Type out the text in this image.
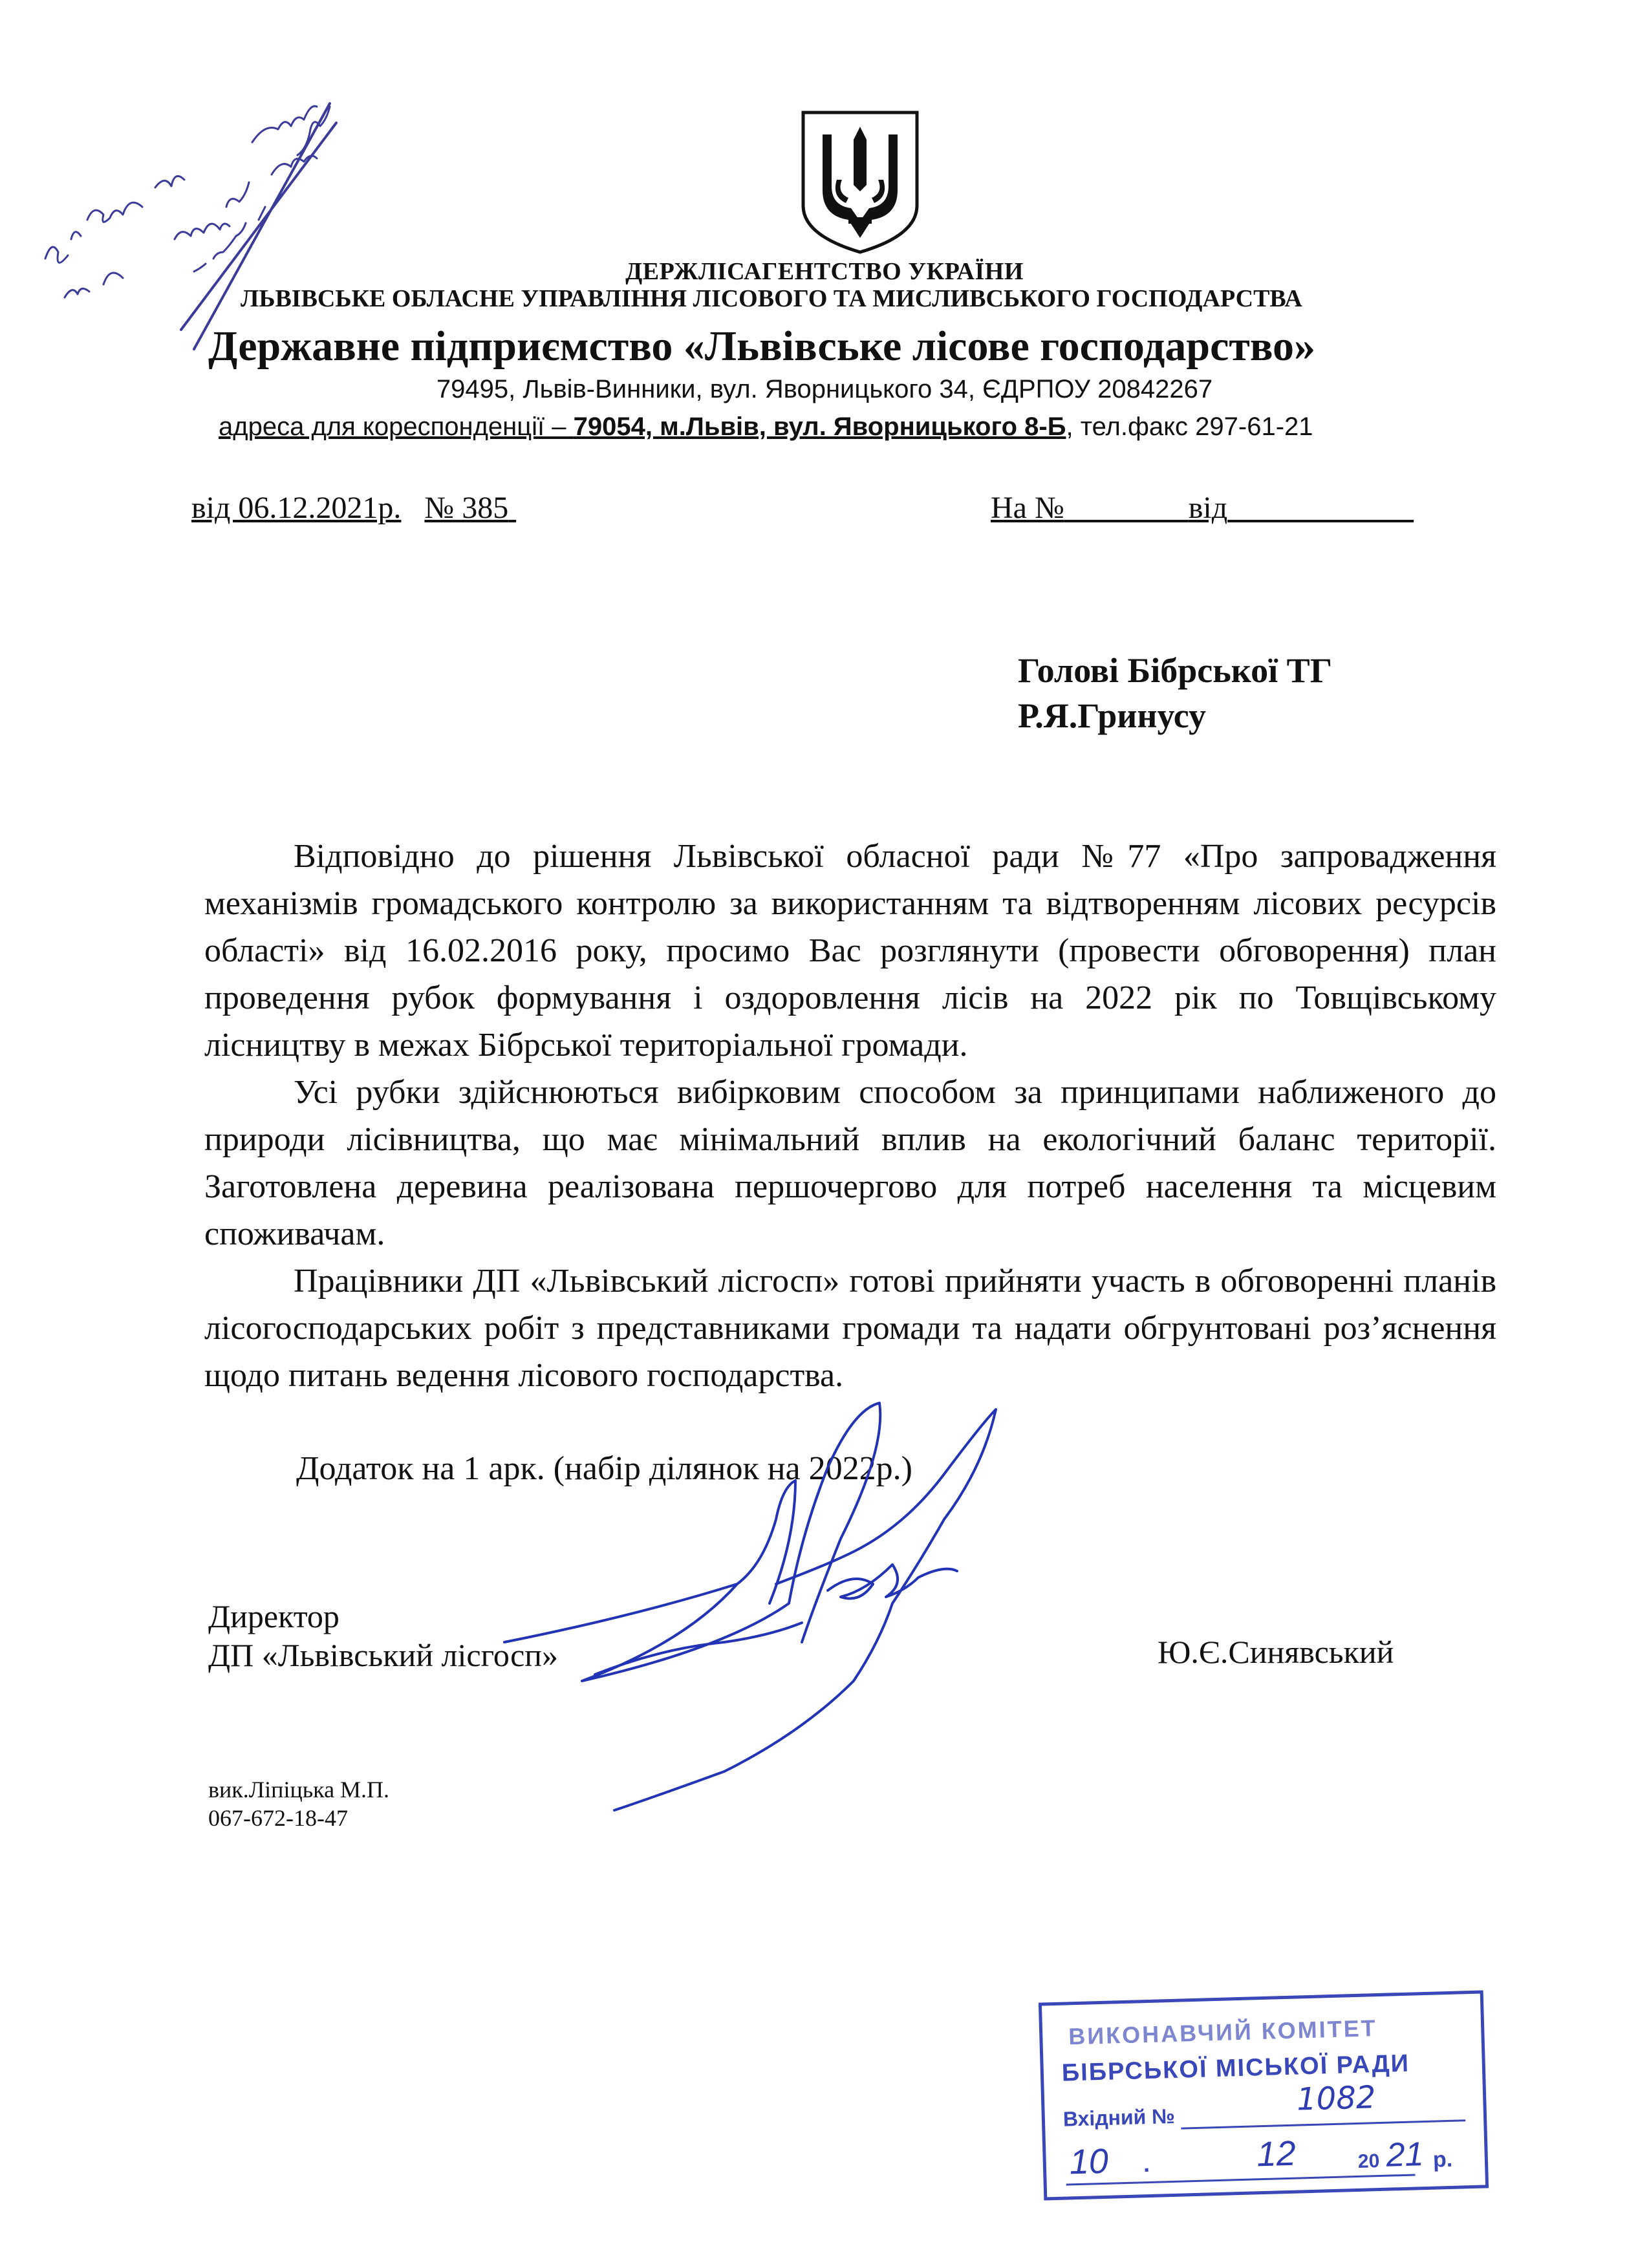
ДЕРЖЛІСАГЕНТСТВО УКРАЇНИ
ЛЬВІВСЬКЕ ОБЛАСНЕ УПРАВЛІННЯ ЛІСОВОГО ТА МИСЛИВСЬКОГО ГОСПОДАРСТВА
Державне підприємство «Львівське лісове господарство»
79495, Львів-Винники, вул. Яворницького 34, ЄДРПОУ 20842267
адреса для кореспонденції – 79054, м.Львів, вул. Яворницького 8-Б, тел.факс 297-61-21
від 06.12.2021р. № 385	На №	від
Голові Бібрської ТГ
Р.Я.Гринусу

Відповідно до рішення Львівської обласної ради №77 «Про запровадження механізмів громадського контролю за використанням та відтворенням лісових ресурсів області» від 16.02.2016 року, просимо Вас розглянути (провести обговорення) план проведення рубок формування і оздоровлення лісів на 2022 рік по Товщівському лісництву в межах Бібрської територіальної громади.

Усі рубки здійснюються вибірковим способом за принципами наближеного до природи лісівництва, що має мінімальний вплив на екологічний баланс території. Заготовлена деревина реалізована першочергово для потреб населення та місцевим споживачам.

Працівники ДП «Львівський лісгосп» готові прийняти участь в обговоренні планів лісогосподарських робіт з представниками громади та надати обгрунтовані роз’яснення щодо питань ведення лісового господарства.

Додаток на 1 арк. (набір ділянок на 2022р.)
Директор
ДП «Львівський лісгосп»	Ю.Є.Синявський
вик.Ліпіцька М.П.
067-672-18-47
ВИКОНАВЧИЙ КОМІТЕТ
БІБРСЬКОЇ МІСЬКОЇ РАДИ
Вхідний №	1082
10 .	12	20 21 р.
